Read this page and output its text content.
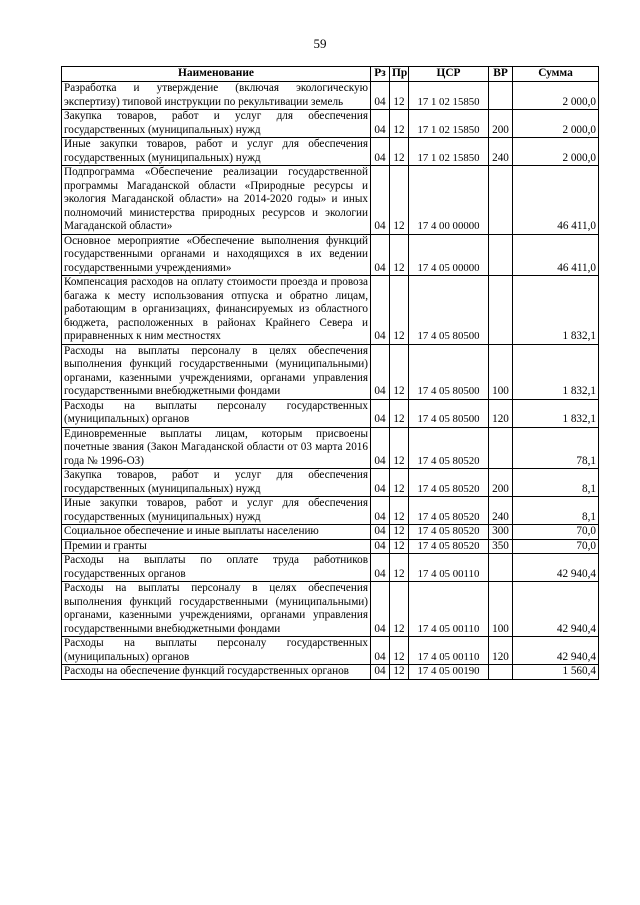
59
Наименование	Рз	Пр	ЦСР	ВР	Сумма
Разработка и утверждение (включая экологическую экспертизу) типовой инструкции по рекультивации земель	04	12	17 1 02 15850		2 000,0
Закупка товаров, работ и услуг для обеспечения государственных (муниципальных) нужд	04	12	17 1 02 15850	200	2 000,0
Иные закупки товаров, работ и услуг для обеспечения государственных (муниципальных) нужд	04	12	17 1 02 15850	240	2 000,0
Подпрограмма «Обеспечение реализации государственной программы Магаданской области «Природные ресурсы и экология Магаданской области» на 2014-2020 годы» и иных полномочий министерства природных ресурсов и экологии Магаданской области»	04	12	17 4 00 00000		46 411,0
Основное мероприятие «Обеспечение выполнения функций государственными органами и находящихся в их ведении государственными учреждениями»	04	12	17 4 05 00000		46 411,0
Компенсация расходов на оплату стоимости проезда и провоза багажа к месту использования отпуска и обратно лицам, работающим в организациях, финансируемых из областного бюджета, расположенных в районах Крайнего Севера и приравненных к ним местностях	04	12	17 4 05 80500		1 832,1
Расходы на выплаты персоналу в целях обеспечения выполнения функций государственными (муниципальными) органами, казенными учреждениями, органами управления государственными внебюджетными фондами	04	12	17 4 05 80500	100	1 832,1
Расходы на выплаты персоналу государственных (муниципальных) органов	04	12	17 4 05 80500	120	1 832,1
Единовременные выплаты лицам, которым присвоены почетные звания (Закон Магаданской области от 03 марта 2016 года № 1996-ОЗ)	04	12	17 4 05 80520		78,1
Закупка товаров, работ и услуг для обеспечения государственных (муниципальных) нужд	04	12	17 4 05 80520	200	8,1
Иные закупки товаров, работ и услуг для обеспечения государственных (муниципальных) нужд	04	12	17 4 05 80520	240	8,1
Социальное обеспечение и иные выплаты населению	04	12	17 4 05 80520	300	70,0
Премии и гранты	04	12	17 4 05 80520	350	70,0
Расходы на выплаты по оплате труда работников государственных органов	04	12	17 4 05 00110		42 940,4
Расходы на выплаты персоналу в целях обеспечения выполнения функций государственными (муниципальными) органами, казенными учреждениями, органами управления государственными внебюджетными фондами	04	12	17 4 05 00110	100	42 940,4
Расходы на выплаты персоналу государственных (муниципальных) органов	04	12	17 4 05 00110	120	42 940,4
Расходы на обеспечение функций государственных органов	04	12	17 4 05 00190		1 560,4
